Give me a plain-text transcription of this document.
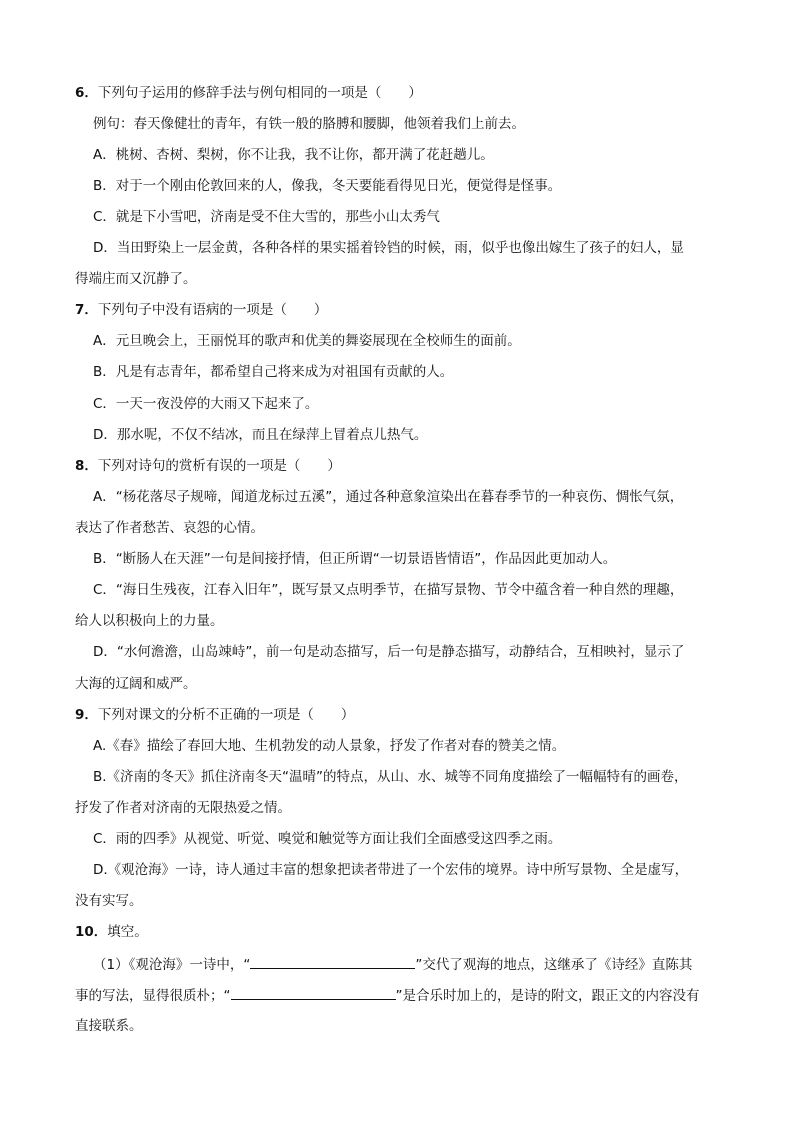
6．下列句子运用的修辞手法与例句相同的一项是（　　）
例句：春天像健壮的青年，有铁一般的胳膊和腰脚，他领着我们上前去。
A．桃树、杏树、梨树，你不让我，我不让你，都开满了花赶趟儿。
B．对于一个刚由伦敦回来的人，像我，冬天要能看得见日光，便觉得是怪事。
C．就是下小雪吧，济南是受不住大雪的，那些小山太秀气
D．当田野染上一层金黄，各种各样的果实摇着铃铛的时候，雨，似乎也像出嫁生了孩子的妇人，显
得端庄而又沉静了。
7．下列句子中没有语病的一项是（　　）
A．元旦晚会上，王丽悦耳的歌声和优美的舞姿展现在全校师生的面前。
B．凡是有志青年，都希望自己将来成为对祖国有贡献的人。
C．一天一夜没停的大雨又下起来了。
D．那水呢，不仅不结冰，而且在绿萍上冒着点儿热气。
8．下列对诗句的赏析有误的一项是（　　）
A．“杨花落尽子规啼，闻道龙标过五溪”，通过各种意象渲染出在暮春季节的一种哀伤、惆怅气氛，
表达了作者愁苦、哀怨的心情。
B．“断肠人在天涯”一句是间接抒情，但正所谓“一切景语皆情语”，作品因此更加动人。
C．“海日生残夜，江春入旧年”，既写景又点明季节，在描写景物、节令中蕴含着一种自然的理趣，
给人以积极向上的力量。
D．“水何澹澹，山岛竦峙”，前一句是动态描写，后一句是静态描写，动静结合，互相映衬，显示了
大海的辽阔和威严。
9．下列对课文的分析不正确的一项是（　　）
A.《春》描绘了春回大地、生机勃发的动人景象，抒发了作者对春的赞美之情。
B.《济南的冬天》抓住济南冬天“温晴”的特点，从山、水、城等不同角度描绘了一幅幅特有的画卷，
抒发了作者对济南的无限热爱之情。
C．雨的四季》从视觉、听觉、嗅觉和触觉等方面让我们全面感受这四季之雨。
D.《观沧海》一诗，诗人通过丰富的想象把读者带进了一个宏伟的境界。诗中所写景物、全是虚写，
没有实写。
10．填空。
（1）《观沧海》一诗中，“	”交代了观海的地点，这继承了《诗经》直陈其
事的写法，显得很质朴；“	”是合乐时加上的，是诗的附文，跟正文的内容没有
直接联系。
